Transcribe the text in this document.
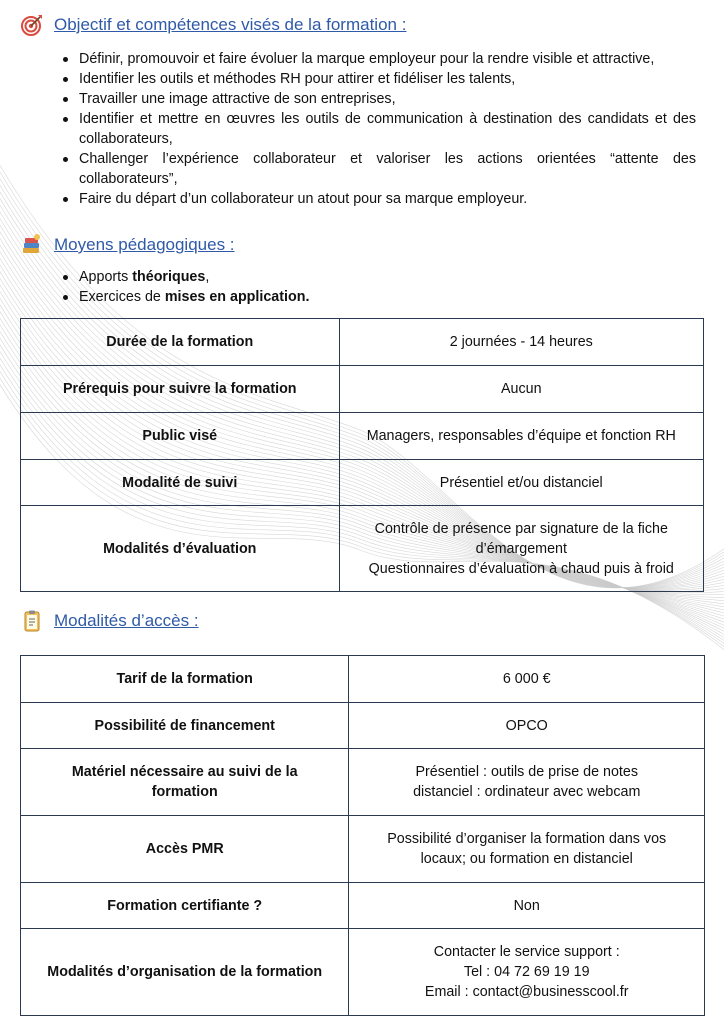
Objectif et compétences visés de la formation :
Définir, promouvoir et faire évoluer la marque employeur pour la rendre visible et attractive,
Identifier les outils et méthodes RH pour attirer et fidéliser les talents,
Travailler une image attractive de son entreprises,
Identifier et mettre en œuvres les outils de communication à destination des candidats et des collaborateurs,
Challenger l’expérience collaborateur et valoriser les actions orientées “attente des collaborateurs”,
Faire du départ d’un collaborateur un atout pour sa marque employeur.
Moyens pédagogiques :
Apports théoriques,
Exercices de mises en application.
Durée de la formation	2 journées - 14 heures

Prérequis pour suivre la formation	Aucun

Public visé	Managers, responsables d’équipe et fonction RH

Modalité de suivi	Présentiel et/ou distanciel

Modalités d’évaluation	Contrôle de présence par signature de la fiche
d’émargement
Questionnaires d’évaluation à chaud puis à froid
Modalités d’accès :
Tarif de la formation	6 000 €

Possibilité de financement	OPCO

Matériel nécessaire au suivi de la
formation	Présentiel : outils de prise de notes
distanciel : ordinateur avec webcam

Accès PMR	Possibilité d’organiser la formation dans vos
locaux; ou formation en distanciel

Formation certifiante ?	Non

Modalités d’organisation de la formation	Contacter le service support :
Tel : 04 72 69 19 19
Email : contact@businesscool.fr
